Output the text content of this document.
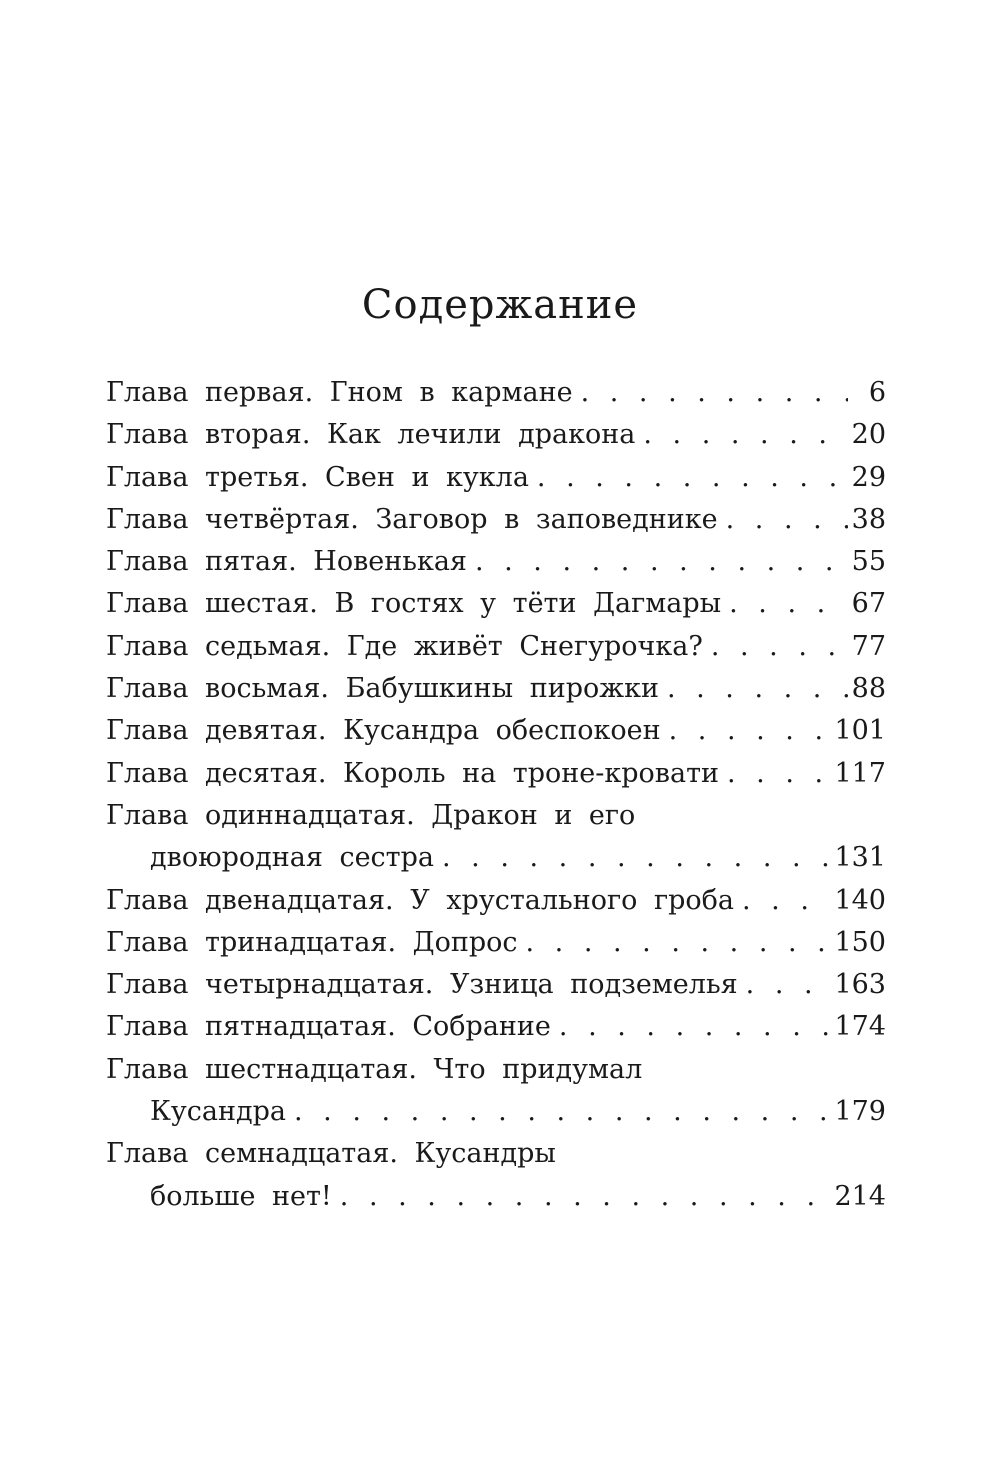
Содержание
Глава первая. Гном в кармане . . .	6
Глава вторая. Как лечили дракона . . .	20
Глава третья. Свен и кукла . . .	29
Глава четвёртая. Заговор в заповеднике . . .	38
Глава пятая. Новенькая . . .	55
Глава шестая. В гостях у тёти Дагмары . . .	67
Глава седьмая. Где живёт Снегурочка? . . .	77
Глава восьмая. Бабушкины пирожки . . .	88
Глава девятая. Кусандра обеспокоен . . .	101
Глава десятая. Король на троне-кровати . . .	117
Глава одиннадцатая. Дракон и его
двоюродная сестра . . .	131
Глава двенадцатая. У хрустального гроба . . .	140
Глава тринадцатая. Допрос . . .	150
Глава четырнадцатая. Узница подземелья . . .	163
Глава пятнадцатая. Собрание . . .	174
Глава шестнадцатая. Что придумал
Кусандра . . .	179
Глава семнадцатая. Кусандры
больше нет! . . .	214
